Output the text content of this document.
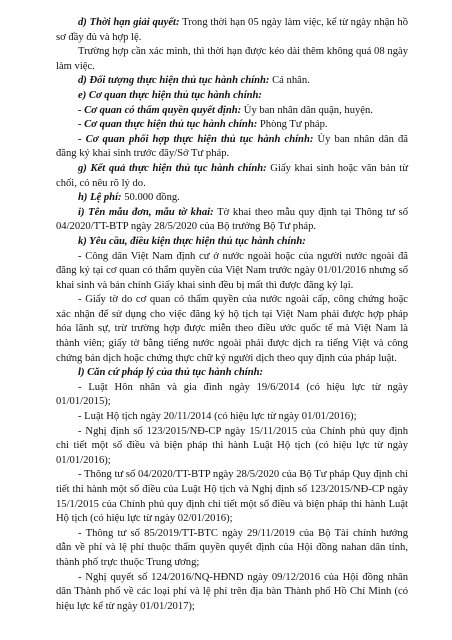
d) Thời hạn giải quyết: Trong thời hạn 05 ngày làm việc, kể từ ngày nhận hồ sơ đầy đủ và hợp lệ.

Trường hợp cần xác minh, thì thời hạn được kéo dài thêm không quá 08 ngày làm việc.

d) Đối tượng thực hiện thủ tục hành chính: Cá nhân.

e) Cơ quan thực hiện thủ tục hành chính:

- Cơ quan có thẩm quyền quyết định: Ủy ban nhân dân quận, huyện.

- Cơ quan thực hiện thủ tục hành chính: Phòng Tư pháp.

- Cơ quan phối hợp thực hiện thủ tục hành chính: Ủy ban nhân dân đã đăng ký khai sinh trước đây/Sở Tư pháp.

g) Kết quả thực hiện thủ tục hành chính: Giấy khai sinh hoặc văn bản từ chối, có nêu rõ lý do.

h) Lệ phí: 50.000 đồng.

i) Tên mẫu đơn, mẫu tờ khai: Tờ khai theo mẫu quy định tại Thông tư số 04/2020/TT-BTP ngày 28/5/2020 của Bộ trưởng Bộ Tư pháp.

k) Yêu cầu, điều kiện thực hiện thủ tục hành chính:

- Công dân Việt Nam định cư ở nước ngoài hoặc của người nước ngoài đã đăng ký tại cơ quan có thẩm quyền của Việt Nam trước ngày 01/01/2016 nhưng sổ khai sinh và bản chính Giấy khai sinh đều bị mất thì được đăng ký lại.

- Giấy tờ do cơ quan có thẩm quyền của nước ngoài cấp, công chứng hoặc xác nhận để sử dụng cho việc đăng ký hộ tịch tại Việt Nam phải được hợp pháp hóa lãnh sự, trừ trường hợp được miễn theo điều ước quốc tế mà Việt Nam là thành viên; giấy tờ bằng tiếng nước ngoài phải được dịch ra tiếng Việt và công chứng bản dịch hoặc chứng thực chữ ký người dịch theo quy định của pháp luật.

l) Căn cứ pháp lý của thủ tục hành chính:

- Luật Hôn nhân và gia đình ngày 19/6/2014 (có hiệu lực từ ngày 01/01/2015);

- Luật Hộ tịch ngày 20/11/2014 (có hiệu lực từ ngày 01/01/2016);

- Nghị định số 123/2015/NĐ-CP ngày 15/11/2015 của Chính phủ quy định chi tiết một số điều và biện pháp thi hành Luật Hộ tịch (có hiệu lực từ ngày 01/01/2016);

- Thông tư số 04/2020/TT-BTP ngày 28/5/2020 của Bộ Tư pháp Quy định chi tiết thi hành một số điều của Luật Hộ tịch và Nghị định số 123/2015/NĐ-CP ngày 15/1/2015 của Chính phủ quy định chi tiết một số điều và biện pháp thi hành Luật Hộ tịch (có hiệu lực từ ngày 02/01/2016);

- Thông tư số 85/2019/TT-BTC ngày 29/11/2019 của Bộ Tài chính hướng dẫn về phí và lệ phí thuộc thẩm quyền quyết định của Hội đồng nahan dân tỉnh, thành phố trực thuộc Trung ương;

- Nghị quyết số 124/2016/NQ-HĐND ngày 09/12/2016 của Hội đồng nhân dân Thành phố về các loại phí và lệ phí trên địa bàn Thành phố Hồ Chí Minh (có hiệu lực kể từ ngày 01/01/2017);
